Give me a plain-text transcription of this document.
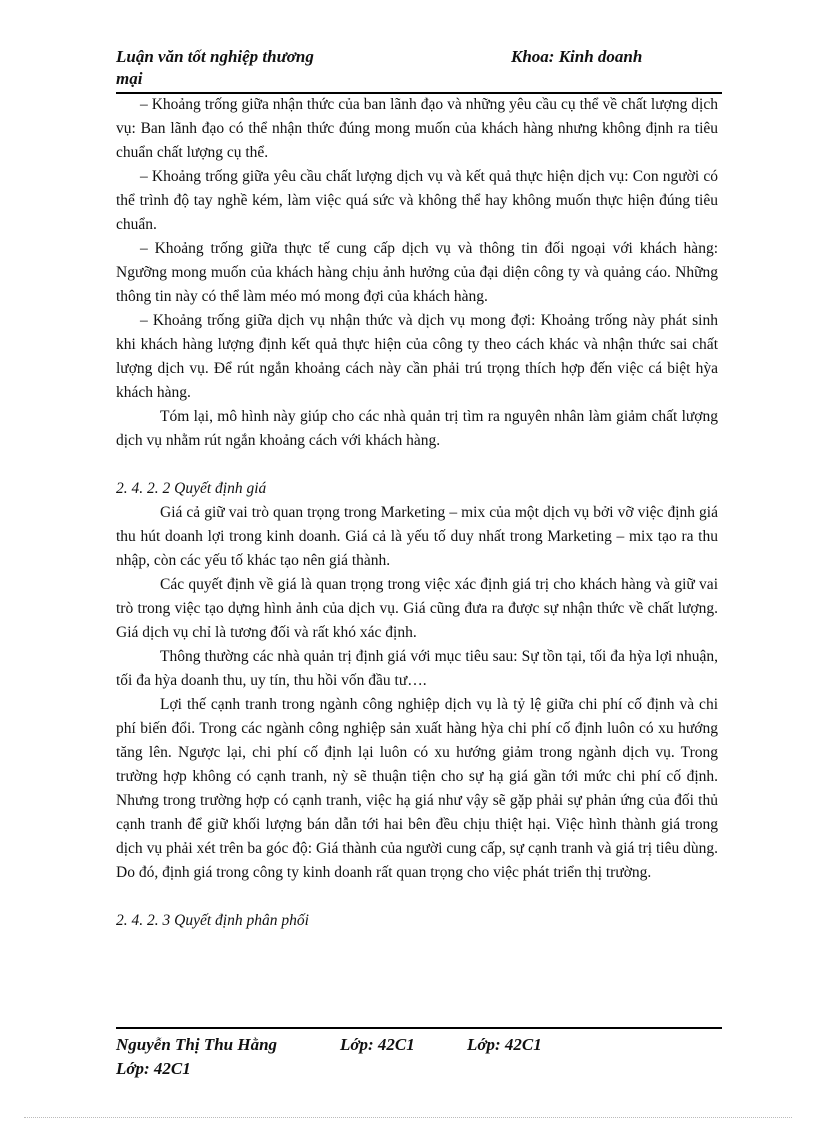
Luận văn tốt nghiệp thương mại
Khoa: Kinh doanh

– Khoảng trống giữa nhận thức của ban lãnh đạo và những yêu cầu cụ thể về chất lượng dịch vụ: Ban lãnh đạo có thể nhận thức đúng mong muốn của khách hàng nhưng không định ra tiêu chuẩn chất lượng cụ thể.

– Khoảng trống giữa yêu cầu chất lượng dịch vụ và kết quả thực hiện dịch vụ: Con người có thể trình độ tay nghề kém, làm việc quá sức và không thể hay không muốn thực hiện đúng tiêu chuẩn.

– Khoảng trống giữa thực tế cung cấp dịch vụ và thông tin đối ngoại với khách hàng: Ngưỡng mong muốn của khách hàng chịu ảnh hưởng của đại diện công ty và quảng cáo. Những thông tin này có thể làm méo mó mong đợi của khách hàng.

– Khoảng trống giữa dịch vụ nhận thức và dịch vụ mong đợi: Khoảng trống này phát sinh khi khách hàng lượng định kết quả thực hiện của công ty theo cách khác và nhận thức sai chất lượng dịch vụ. Để rút ngắn khoảng cách này cần phải trú trọng thích hợp đến việc cá biệt hỳa khách hàng.

Tóm lại, mô hình này giúp cho các nhà quản trị tìm ra nguyên nhân làm giảm chất lượng dịch vụ nhằm rút ngắn khoảng cách với khách hàng.

2. 4. 2. 2 Quyết định giá

Giá cả giữ vai trò quan trọng trong Marketing – mix của một dịch vụ bởi vỡ việc định giá thu hút doanh lợi trong kinh doanh. Giá cả là yếu tố duy nhất trong Marketing – mix tạo ra thu nhập, còn các yếu tố khác tạo nên giá thành.

Các quyết định về giá là quan trọng trong việc xác định giá trị cho khách hàng và giữ vai trò trong việc tạo dựng hình ảnh của dịch vụ. Giá cũng đưa ra được sự nhận thức về chất lượng. Giá dịch vụ chỉ là tương đối và rất khó xác định.

Thông thường các nhà quản trị định giá với mục tiêu sau: Sự tồn tại, tối đa hỳa lợi nhuận, tối đa hỳa doanh thu, uy tín, thu hồi vốn đầu tư….

Lợi thế cạnh tranh trong ngành công nghiệp dịch vụ là tỷ lệ giữa chi phí cố định và chi phí biến đổi. Trong các ngành công nghiệp sản xuất hàng hỳa chi phí cố định luôn có xu hướng tăng lên. Ngược lại, chi phí cố định lại luôn có xu hướng giảm trong ngành dịch vụ. Trong trường hợp không có cạnh tranh, nỳ sẽ thuận tiện cho sự hạ giá gần tới mức chi phí cố định. Nhưng trong trường hợp có cạnh tranh, việc hạ giá như vậy sẽ gặp phải sự phản ứng của đối thủ cạnh tranh để giữ khối lượng bán dẫn tới hai bên đều chịu thiệt hại. Việc hình thành giá trong dịch vụ phải xét trên ba góc độ: Giá thành của người cung cấp, sự cạnh tranh và giá trị tiêu dùng. Do đó, định giá trong công ty kinh doanh rất quan trọng cho việc phát triển thị trường.

2. 4. 2. 3 Quyết định phân phối

Nguyễn Thị Thu Hằng	Lớp: 42C1	Lớp: 42C1
Lớp: 42C1
